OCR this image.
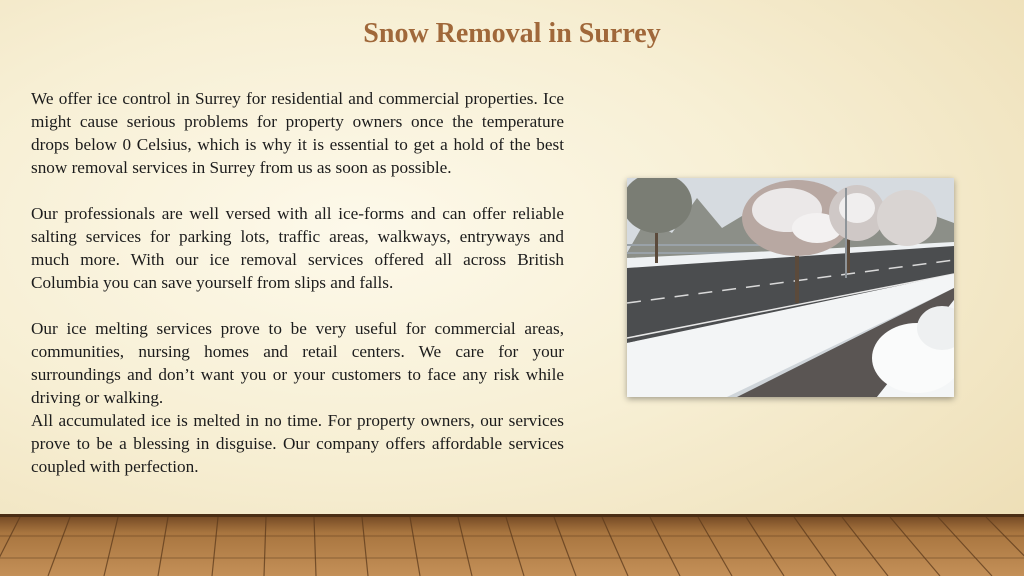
Snow Removal in Surrey

We offer ice control in Surrey for residential and commercial properties. Ice might cause serious problems for property owners once the temperature drops below 0 Celsius, which is why it is essential to get a hold of the best snow removal services in Surrey from us as soon as possible.

Our professionals are well versed with all ice-forms and can offer reliable salting services for parking lots, traffic areas, walkways, entryways and much more. With our ice removal services offered all across British Columbia you can save yourself from slips and falls.

Our ice melting services prove to be very useful for commercial areas, communities, nursing homes and retail centers. We care for your surroundings and don’t want you or your customers to face any risk while driving or walking.

All accumulated ice is melted in no time. For property owners, our services prove to be a blessing in disguise. Our company offers affordable services coupled with perfection.
